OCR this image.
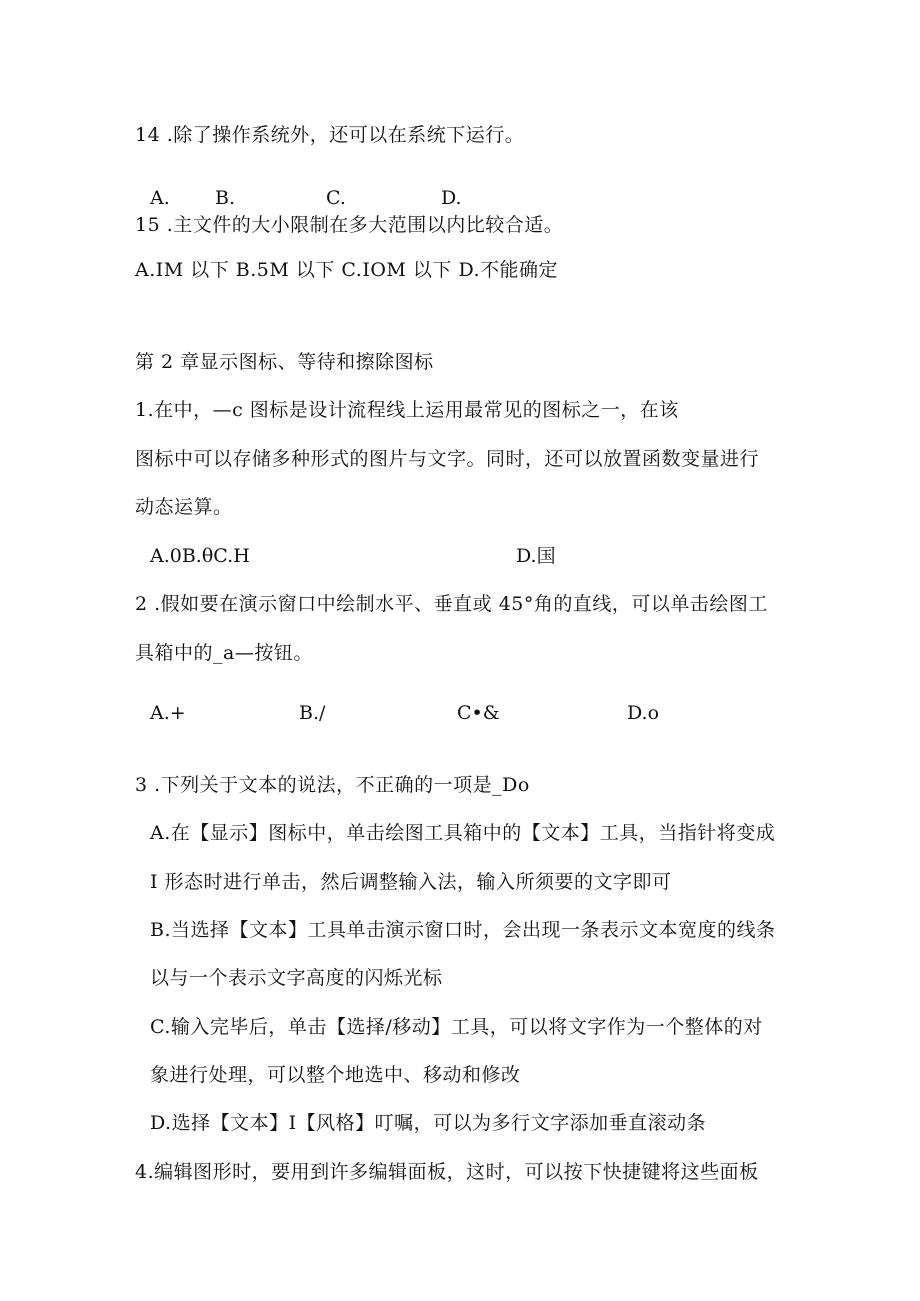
14 .除了操作系统外，还可以在系统下运行。
A. B.	C.	D.
15 .主文件的大小限制在多大范围以内比较合适。
A.IM 以下 B.5M 以下 C.IOM 以下 D.不能确定
第 2 章显示图标、等待和擦除图标
1.在中，—c 图标是设计流程线上运用最常见的图标之一，在该
图标中可以存储多种形式的图片与文字。同时，还可以放置函数变量进行
动态运算。
A.0B.θC.H	D.国
2 .假如要在演示窗口中绘制水平、垂直或 45°角的直线，可以单击绘图工
具箱中的_a—按钮。
A.+	B./	C•&	D.o
3 .下列关于文本的说法，不正确的一项是_Do
A.在【显示】图标中，单击绘图工具箱中的【文本】工具，当指针将变成
I 形态时进行单击，然后调整输入法，输入所须要的文字即可
B.当选择【文本】工具单击演示窗口时，会出现一条表示文本宽度的线条
以与一个表示文字高度的闪烁光标
C.输入完毕后，单击【选择/移动】工具，可以将文字作为一个整体的对
象进行处理，可以整个地选中、移动和修改
D.选择【文本】I【风格】叮嘱，可以为多行文字添加垂直滚动条
4.编辑图形时，要用到许多编辑面板，这时，可以按下快捷键将这些面板
